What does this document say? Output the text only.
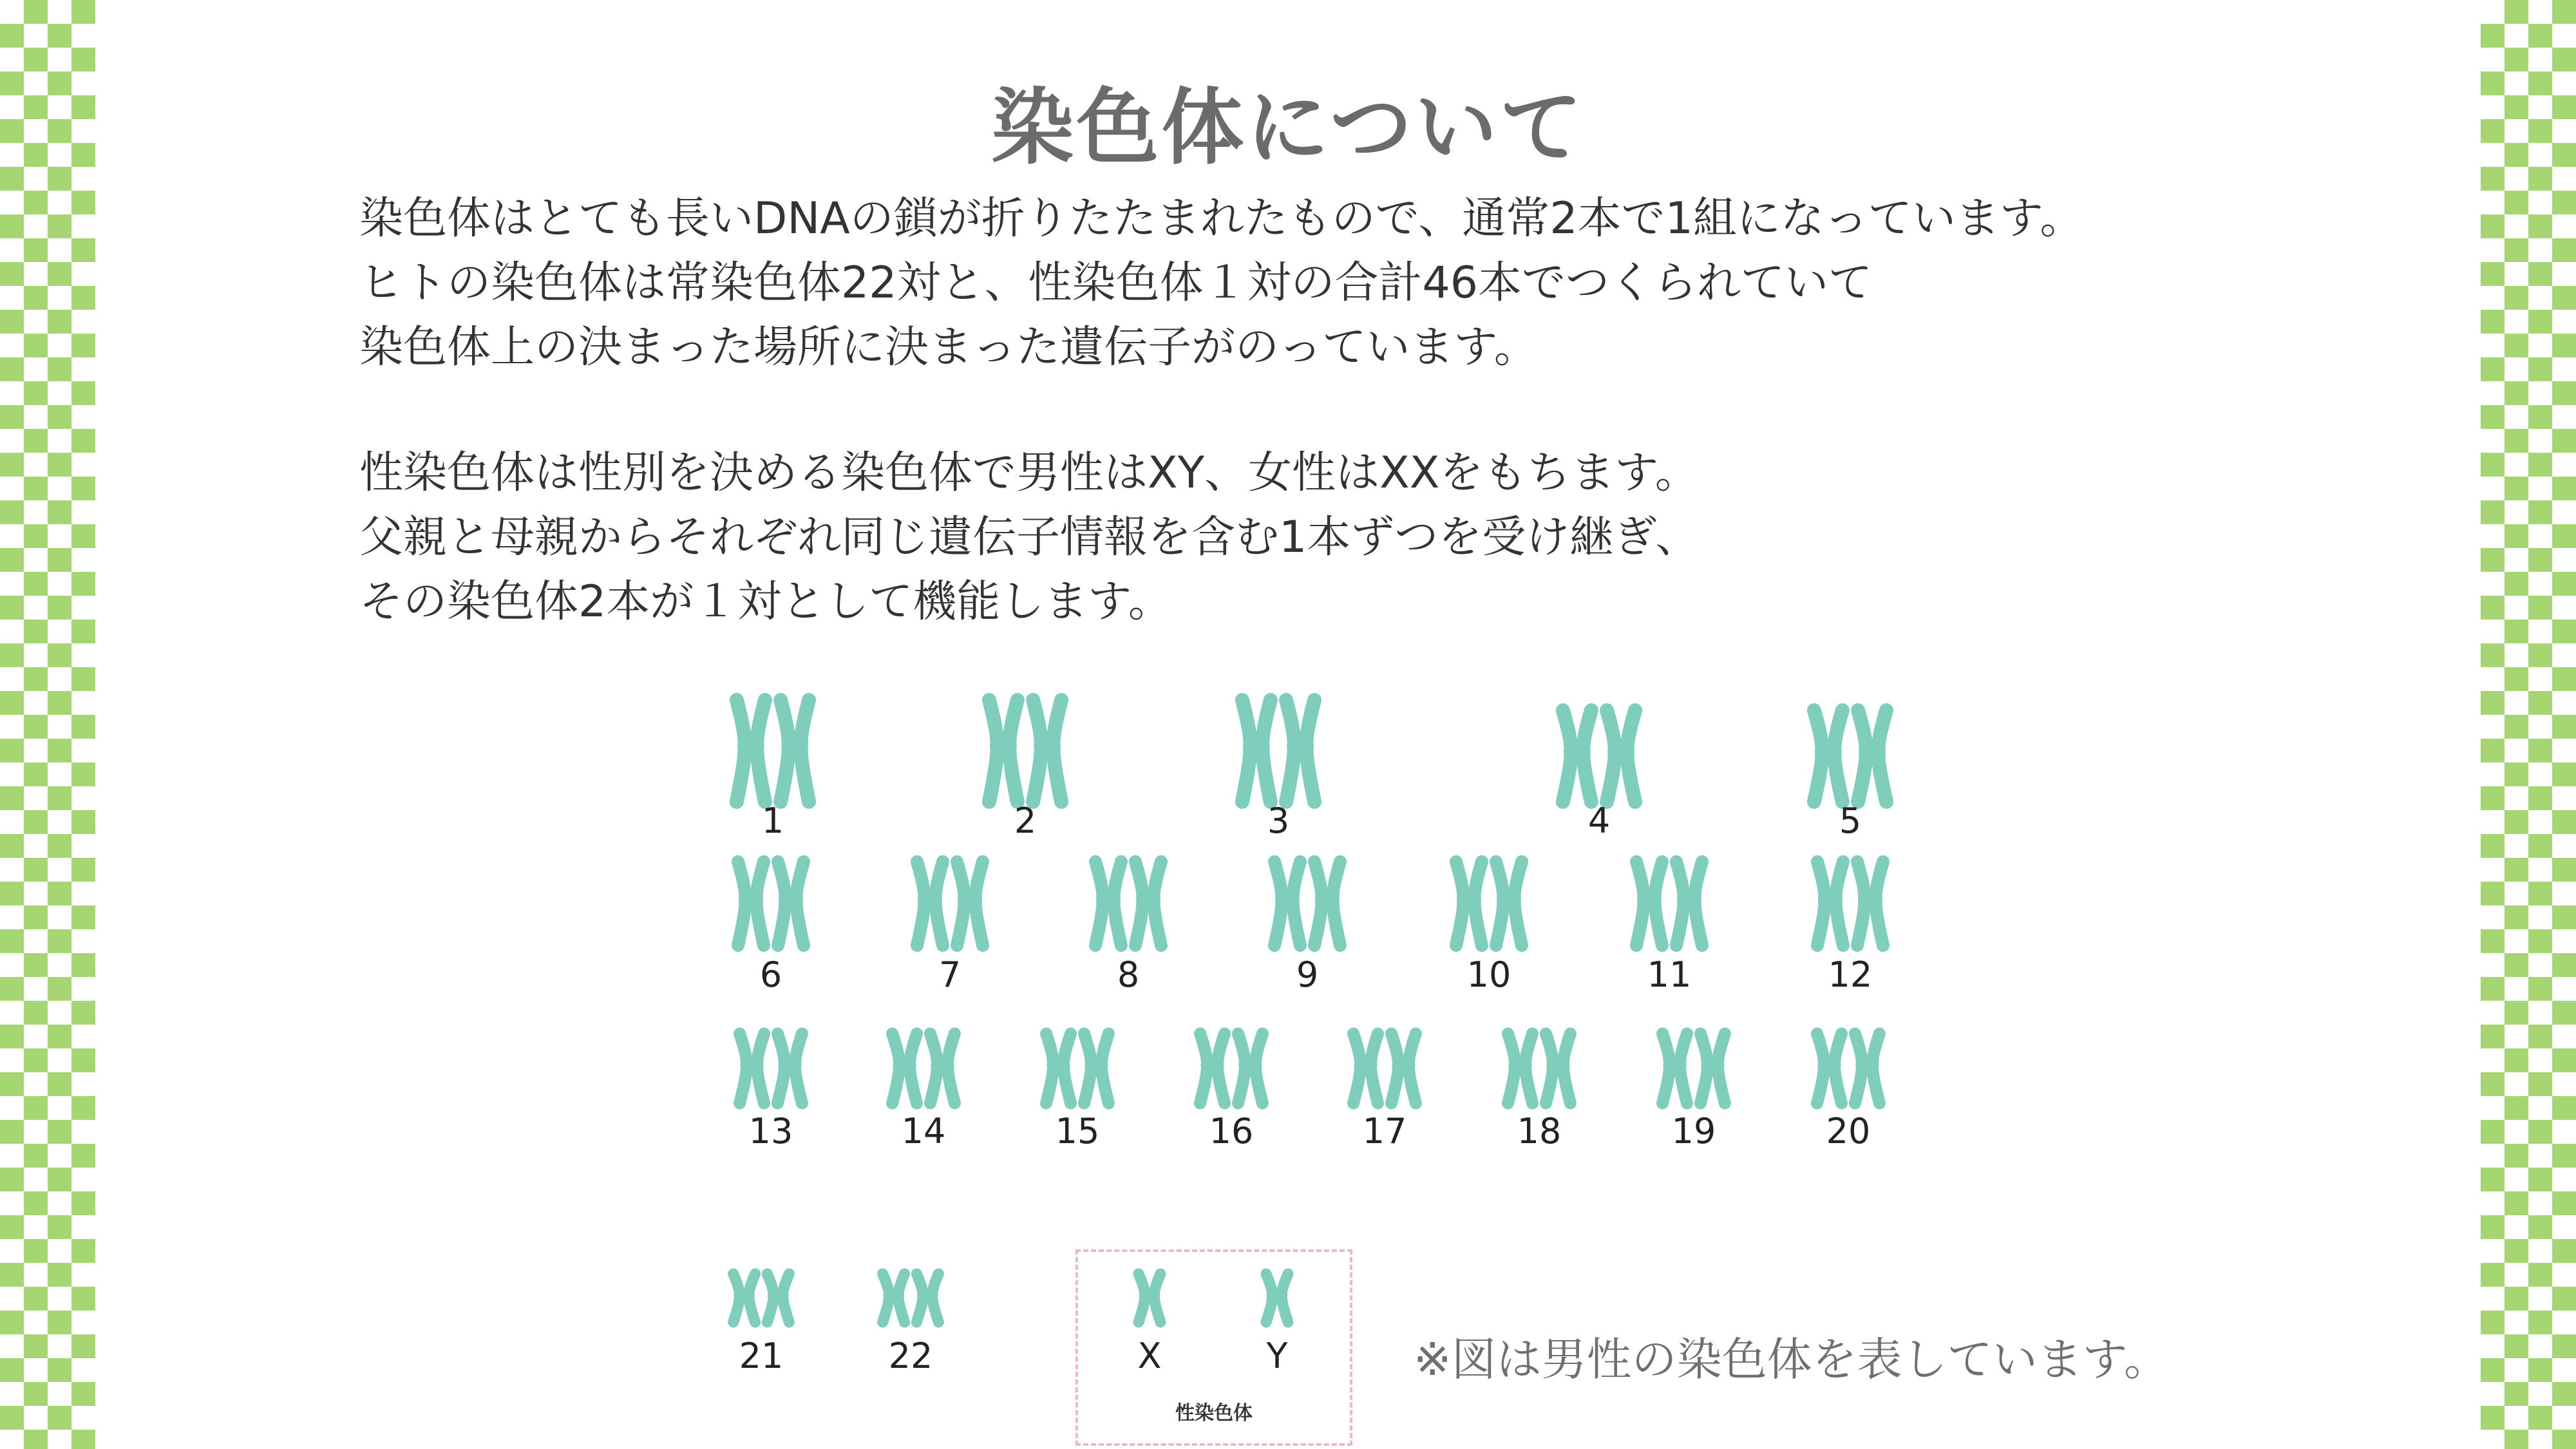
染色体について
染色体はとても長いDNAの鎖が折りたたまれたもので、通常2本で1組になっています。
ヒトの染色体は常染色体22対と、性染色体１対の合計46本でつくられていて
染色体上の決まった場所に決まった遺伝子がのっています。
性染色体は性別を決める染色体で男性はXY、女性はXXをもちます。
父親と母親からそれぞれ同じ遺伝子情報を含む1本ずつを受け継ぎ、
その染色体2本が１対として機能します。
1	2	3	4	5
6	7	8	9	10	11	12
13	14	15	16	17	18	19	20
21	22	X	Y
性染色体
※図は男性の染色体を表しています。
